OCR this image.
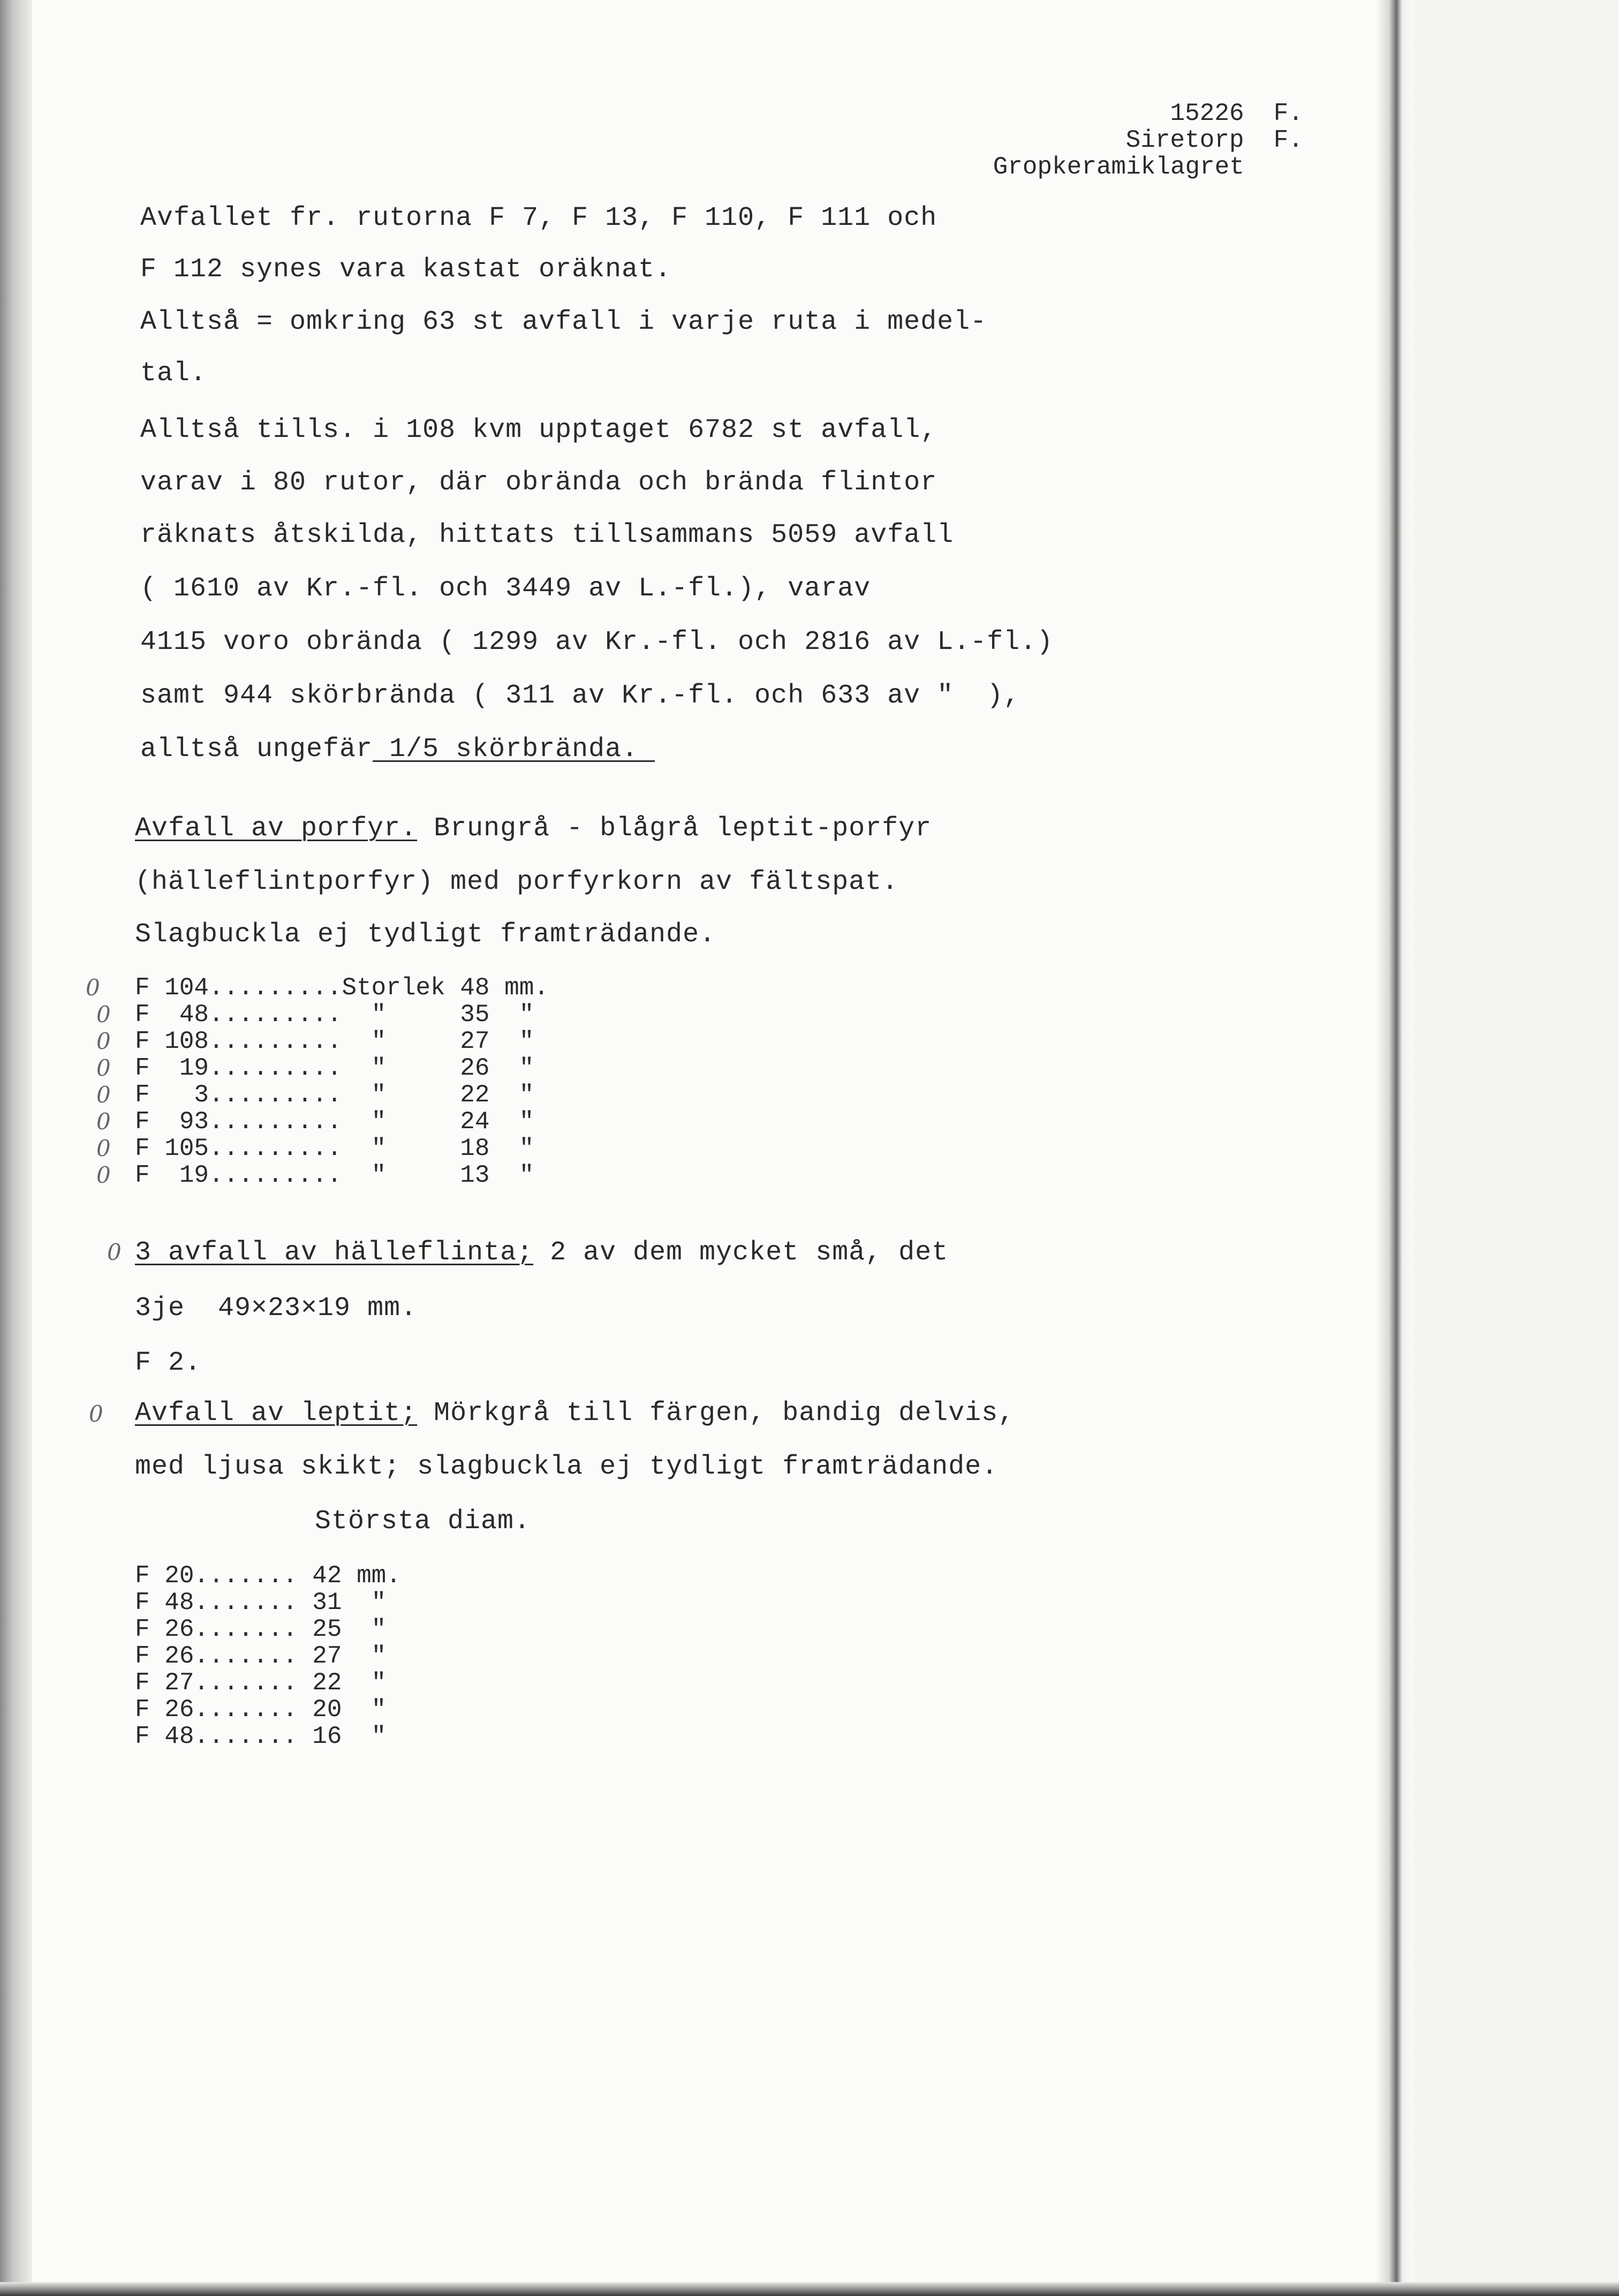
15226  F.
Siretorp  F.
Gropkeramiklagret
Avfallet fr. rutorna F 7, F 13, F 110, F 111 och
F 112 synes vara kastat oräknat.
Alltså = omkring 63 st avfall i varje ruta i medel-
tal.
Alltså tills. i 108 kvm upptaget 6782 st avfall,
varav i 80 rutor, där obrända och brända flintor
räknats åtskilda, hittats tillsammans 5059 avfall
( 1610 av Kr.-fl. och 3449 av L.-fl.), varav
4115 voro obrända ( 1299 av Kr.-fl. och 2816 av L.-fl.)
samt 944 skörbrända ( 311 av Kr.-fl. och 633 av "  ),
alltså ungefär 1/5 skörbrända.
Avfall av porfyr. Brungrå - blågrå leptit-porfyr
(hälleflintporfyr) med porfyrkorn av fältspat.
Slagbuckla ej tydligt framträdande.
0 F 104.........Storlek 48 mm.
0 F  48.........  "     35  "
0 F 108.........  "     27  "
0 F  19.........  "     26  "
0 F   3.........  "     22  "
0 F  93.........  "     24  "
0 F 105.........  "     18  "
0 F  19.........  "     13  "
0 3 avfall av hälleflinta; 2 av dem mycket små, det
3je  49×23×19 mm.
F 2.
0 Avfall av leptit; Mörkgrå till färgen, bandig delvis,
med ljusa skikt; slagbuckla ej tydligt framträdande.
Största diam.
F 20....... 42 mm.
F 48....... 31  "
F 26....... 25  "
F 26....... 27  "
F 27....... 22  "
F 26....... 20  "
F 48....... 16  "
